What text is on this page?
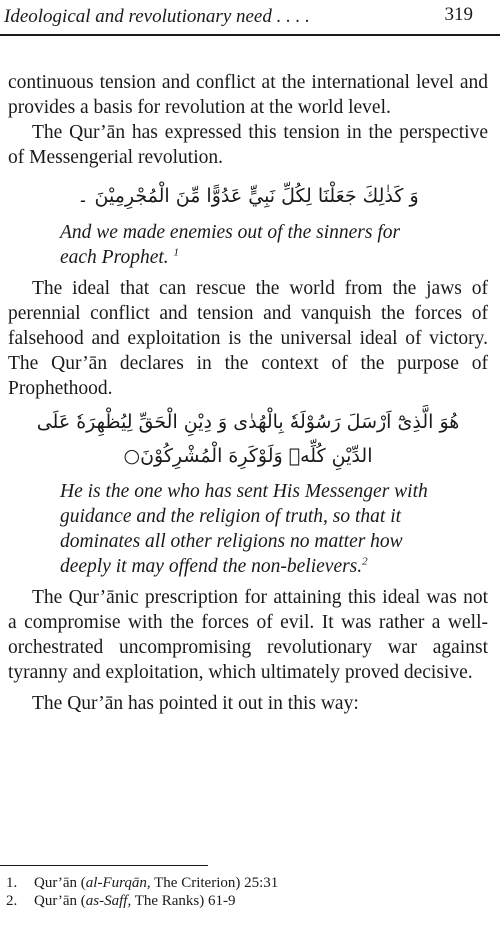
Ideological and revolutionary need . . . .	319

continuous tension and conflict at the international level and provides a basis for revolution at the world level.

The Qur’ān has expressed this tension in the perspective of Messengerial revolution.

وَ كَذٰلِكَ جَعَلْنَا لِكُلِّ نَبِيٍّ عَدُوًّا مِّنَ الْمُجْرِمِيْنَ ۔

And we made enemies out of the sinners for each Prophet. $^1$

The ideal that can rescue the world from the jaws of perennial conflict and tension and vanquish the forces of falsehood and exploitation is the universal ideal of victory. The Qur’ān declares in the context of the purpose of Prophethood.

هُوَ الَّذِیْٓ اَرْسَلَ رَسُوْلَهٗ بِالْهُدٰی وَ دِیْنِ الْحَقِّ لِیُظْهِرَهٗ عَلَی
الدِّیْنِ كُلِّهٖ وَلَوْكَرِهَ الْمُشْرِكُوْنَ○

He is the one who has sent His Messenger with guidance and the religion of truth, so that it dominates all other religions no matter how deeply it may offend the non-believers.$^2$

The Qur’ānic prescription for attaining this ideal was not a compromise with the forces of evil. It was rather a well-orchestrated uncompromising revolutionary war against tyranny and exploitation, which ultimately proved decisive.

The Qur’ān has pointed it out in this way:

1.	Qur’ān (al-Furqān, The Criterion) 25:31
2.	Qur’ān (as-Saff, The Ranks) 61-9
